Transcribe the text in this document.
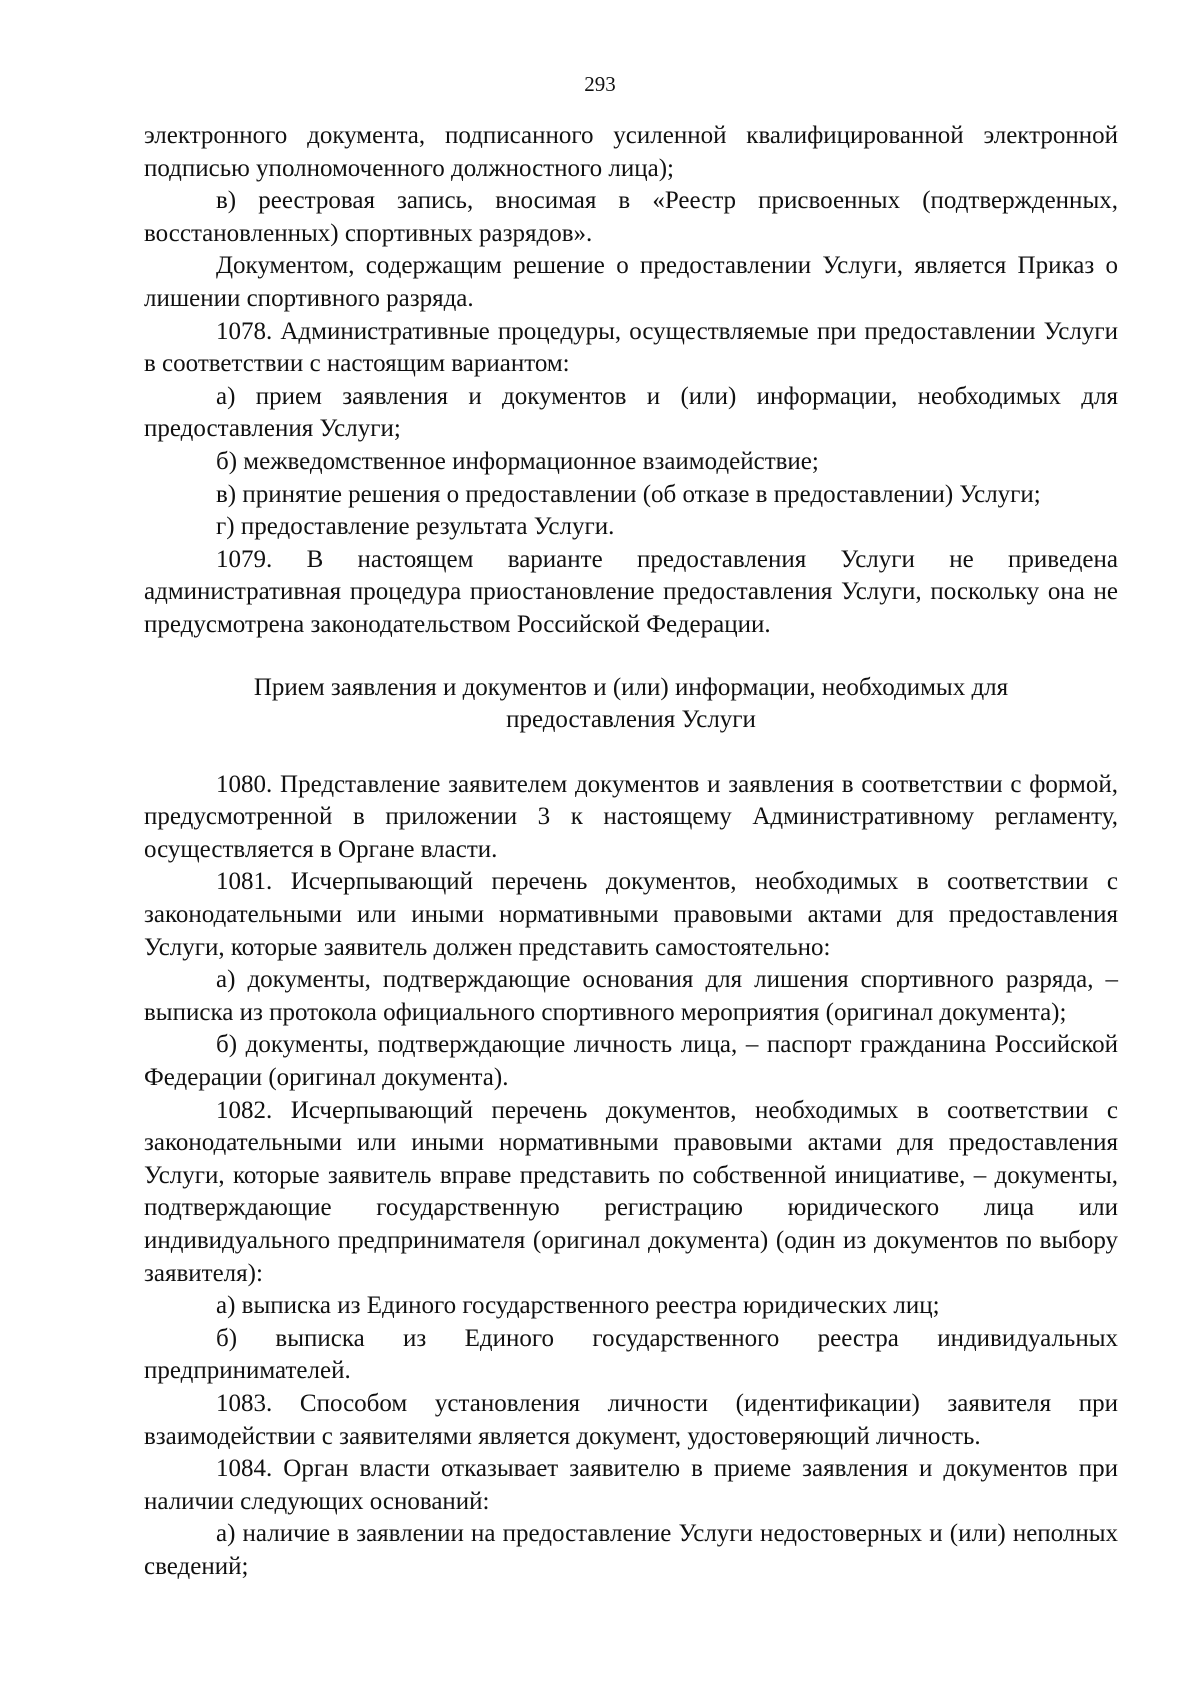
293

электронного документа, подписанного усиленной квалифицированной электронной подписью уполномоченного должностного лица);

в) реестровая запись, вносимая в «Реестр присвоенных (подтвержденных, восстановленных) спортивных разрядов».

Документом, содержащим решение о предоставлении Услуги, является Приказ о лишении спортивного разряда.

1078. Административные процедуры, осуществляемые при предоставлении Услуги в соответствии с настоящим вариантом:

а) прием заявления и документов и (или) информации, необходимых для предоставления Услуги;

б) межведомственное информационное взаимодействие;

в) принятие решения о предоставлении (об отказе в предоставлении) Услуги;

г) предоставление результата Услуги.

1079. В настоящем варианте предоставления Услуги не приведена административная процедура приостановление предоставления Услуги, поскольку она не предусмотрена законодательством Российской Федерации.

Прием заявления и документов и (или) информации, необходимых для
предоставления Услуги

1080. Представление заявителем документов и заявления в соответствии с формой, предусмотренной в приложении 3 к настоящему Административному регламенту, осуществляется в Органе власти.

1081. Исчерпывающий перечень документов, необходимых в соответствии с законодательными или иными нормативными правовыми актами для предоставления Услуги, которые заявитель должен представить самостоятельно:

а) документы, подтверждающие основания для лишения спортивного разряда, – выписка из протокола официального спортивного мероприятия (оригинал документа);

б) документы, подтверждающие личность лица, – паспорт гражданина Российской Федерации (оригинал документа).

1082. Исчерпывающий перечень документов, необходимых в соответствии с законодательными или иными нормативными правовыми актами для предоставления Услуги, которые заявитель вправе представить по собственной инициативе, – документы, подтверждающие государственную регистрацию юридического лица или индивидуального предпринимателя (оригинал документа) (один из документов по выбору заявителя):

а) выписка из Единого государственного реестра юридических лиц;

б) выписка из Единого государственного реестра индивидуальных предпринимателей.

1083. Способом установления личности (идентификации) заявителя при взаимодействии с заявителями является документ, удостоверяющий личность.

1084. Орган власти отказывает заявителю в приеме заявления и документов при наличии следующих оснований:

а) наличие в заявлении на предоставление Услуги недостоверных и (или) неполных сведений;
